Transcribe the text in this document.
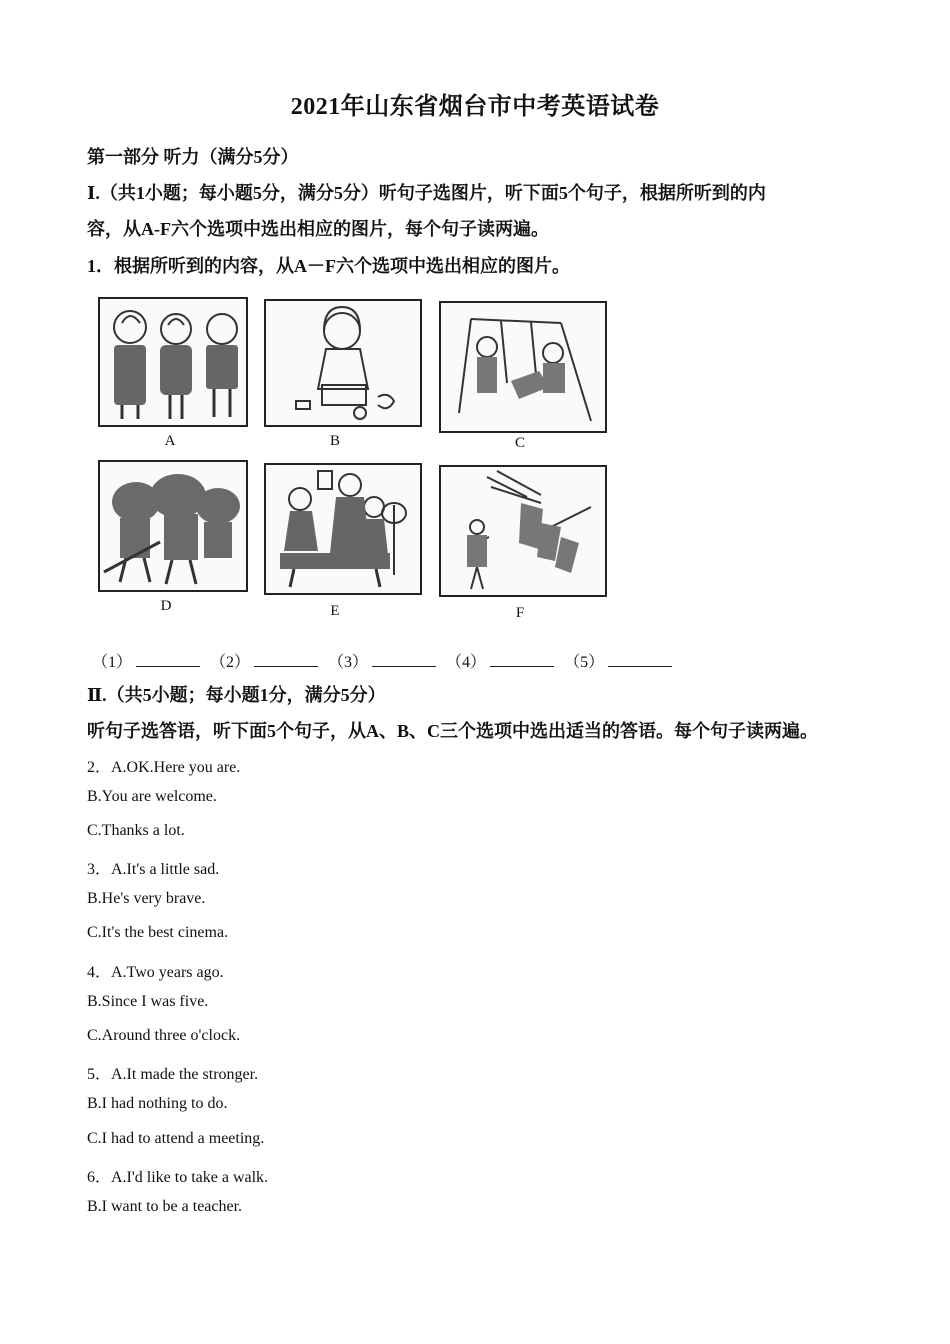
2021年山东省烟台市中考英语试卷
第一部分 听力（满分5分）
Ⅰ.（共1小题；每小题5分，满分5分）听句子选图片，听下面5个句子，根据所听到的内
容，从A-F六个选项中选出相应的图片，每个句子读两遍。
1．根据所听到的内容，从A－F六个选项中选出相应的图片。
A	B	C
D	E	F
（1）	（2）	（3）	（4）	（5）
Ⅱ.（共5小题；每小题1分，满分5分）
听句子选答语，听下面5个句子，从A、B、C三个选项中选出适当的答语。每个句子读两遍。
2．A.OK.Here you are.
B.You are welcome.
C.Thanks a lot.
3．A.It's a little sad.
B.He's very brave.
C.It's the best cinema.
4．A.Two years ago.
B.Since I was five.
C.Around three o'clock.
5．A.It made the stronger.
B.I had nothing to do.
C.I had to attend a meeting.
6．A.I'd like to take a walk.
B.I want to be a teacher.
